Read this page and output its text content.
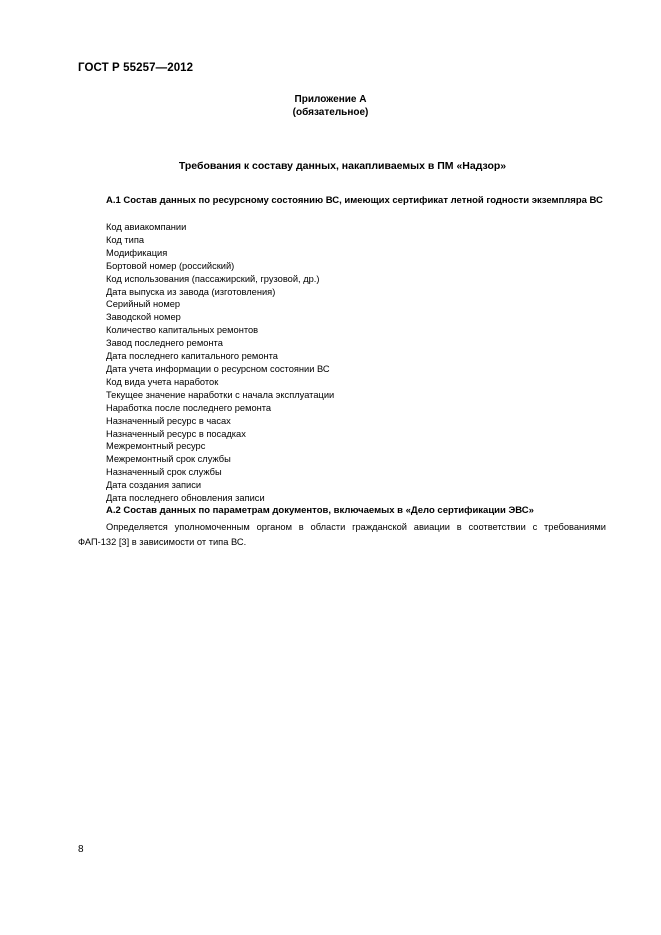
ГОСТ Р 55257—2012
Приложение А
(обязательное)
Требования к составу данных, накапливаемых в ПМ «Надзор»
А.1 Состав данных по ресурсному состоянию ВС, имеющих сертификат летной годности экземпляра ВС
Код авиакомпании
Код типа
Модификация
Бортовой номер (российский)
Код использования (пассажирский, грузовой, др.)
Дата выпуска из завода (изготовления)
Серийный номер
Заводской номер
Количество капитальных ремонтов
Завод последнего ремонта
Дата последнего капитального ремонта
Дата учета информации о ресурсном состоянии ВС
Код вида учета наработок
Текущее значение наработки с начала эксплуатации
Наработка после последнего ремонта
Назначенный ресурс в часах
Назначенный ресурс в посадках
Межремонтный ресурс
Межремонтный срок службы
Назначенный срок службы
Дата создания записи
Дата последнего обновления записи
А.2 Состав данных по параметрам документов, включаемых в «Дело сертификации ЭВС»
Определяется уполномоченным органом в области гражданской авиации в соответствии с требованиями
ФАП-132 [3] в зависимости от типа ВС.
8
